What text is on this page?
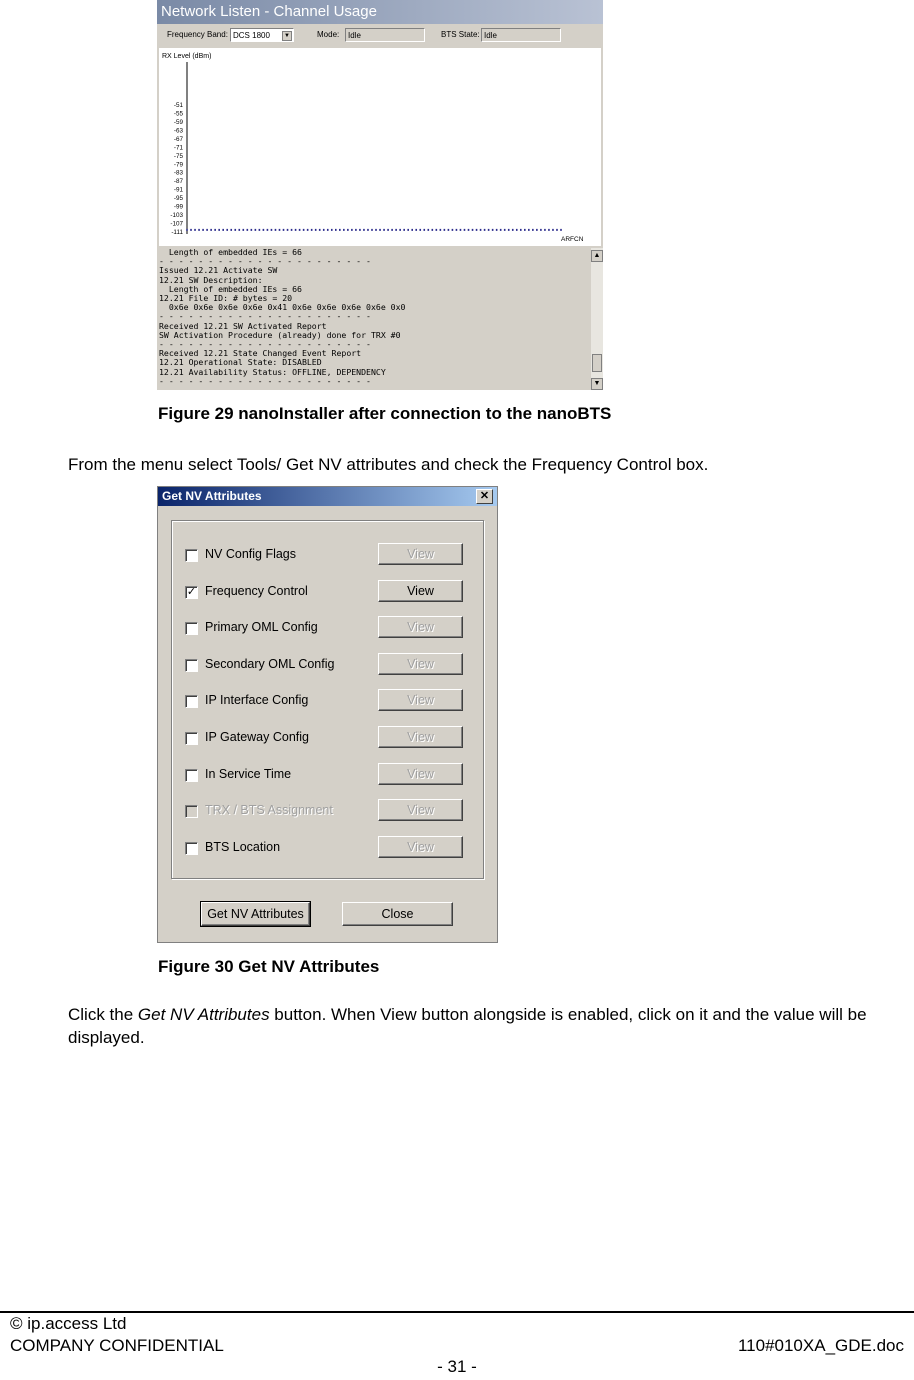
Network Listen - Channel Usage
Frequency Band: DCS 1800	▼	Mode:	Idle	BTS State: Idle
RX Level (dBm)
-51
-55
-59
-63
-67
-71
-75
-79
-83
-87
-91
-95
-99
-103
-107
-111
ARFCN
Length of embedded IEs = 66
- - - - - - - - - - - - - - - - - - - - - -
Issued 12.21 Activate SW
12.21 SW Description:
Length of embedded IEs = 66
12.21 File ID: # bytes = 20
0x6e 0x6e 0x6e 0x6e 0x41 0x6e 0x6e 0x6e 0x6e 0x0
- - - - - - - - - - - - - - - - - - - - - -
Received 12.21 SW Activated Report
SW Activation Procedure (already) done for TRX #0
- - - - - - - - - - - - - - - - - - - - - -
Received 12.21 State Changed Event Report
12.21 Operational State: DISABLED
12.21 Availability Status: OFFLINE, DEPENDENCY
- - - - - - - - - - - - - - - - - - - - - -
▲
▼
Figure 29 nanoInstaller after connection to the nanoBTS
From the menu select Tools/ Get NV attributes and check the Frequency Control box.
Get NV Attributes	✕
Get NV Attributes	Close
NV Config Flags	View
✓ Frequency Control	View
Primary OML Config	View
Secondary OML Config	View
IP Interface Config	View
IP Gateway Config	View
In Service Time	View
TRX / BTS Assignment	View
BTS Location	View
Figure 30 Get NV Attributes
Click the Get NV Attributes button. When View button alongside is enabled, click on it and the value will be displayed.
© ip.access Ltd
COMPANY CONFIDENTIAL	110#010XA_GDE.doc
- 31 -
